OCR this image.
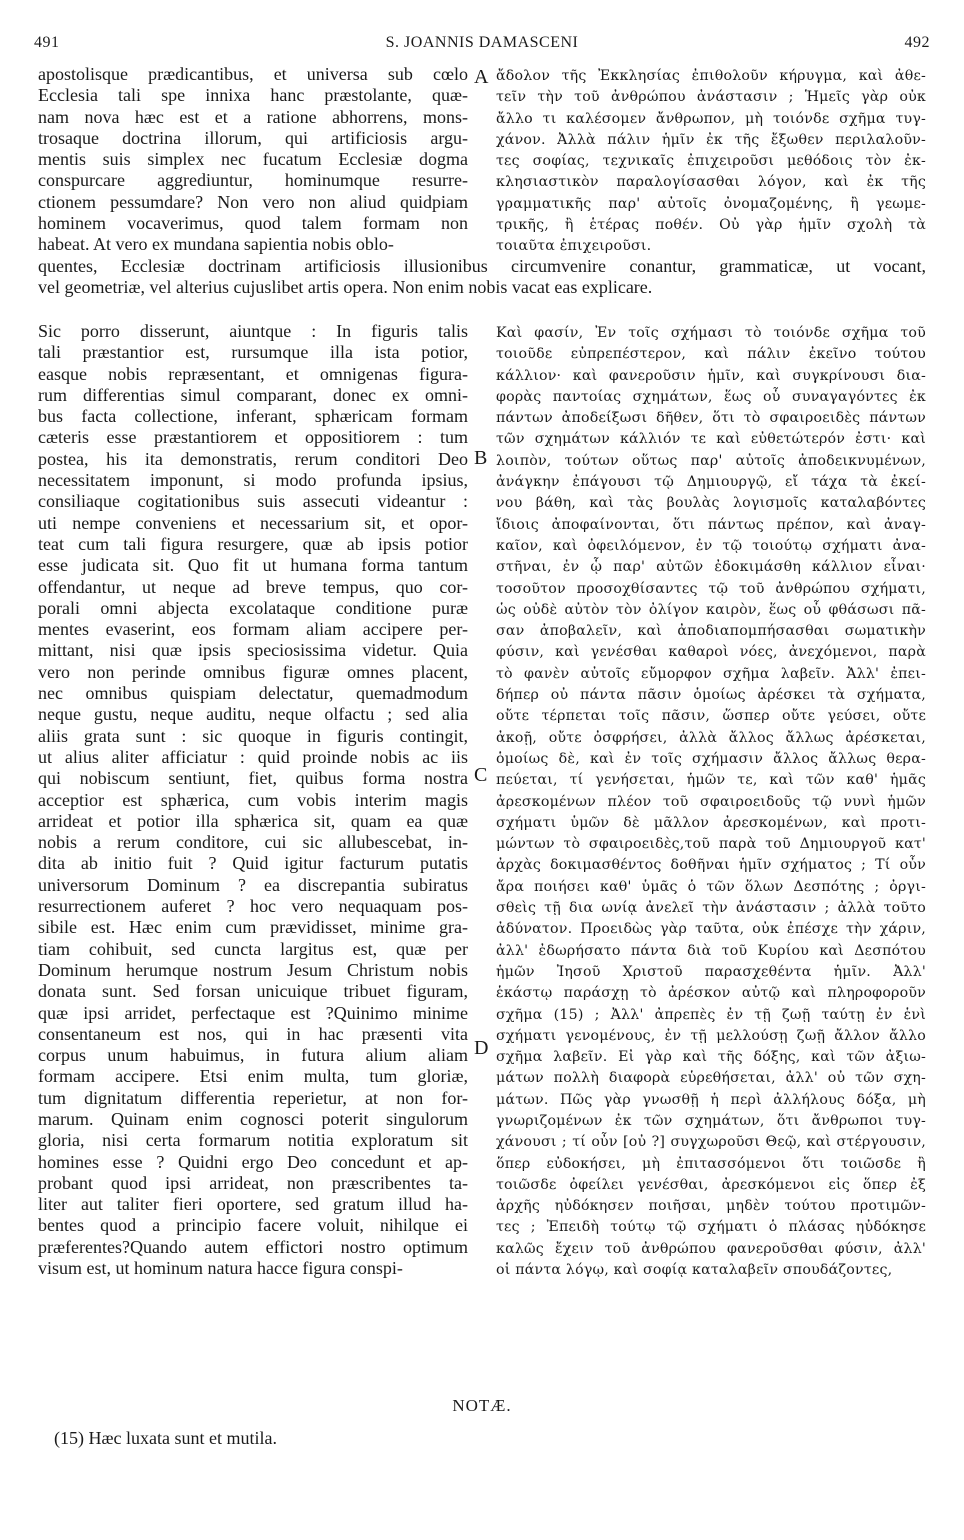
491	S. JOANNIS DAMASCENI	492

apostolisque prædicantibus, et universa sub cœlo

Ecclesia tali spe innixa hanc præstolante, quæ-

nam nova hæc est et a ratione abhorrens, mons-

trosaque doctrina illorum, qui artificiosis argu-

mentis suis simplex nec fucatum Ecclesiæ dogma

conspurcare aggrediuntur, hominumque resurre-

ctionem pessumdare? Non vero non aliud quidpiam

hominem vocaverimus, quod talem formam non

habeat. At vero ex mundana sapientia nobis oblo-

ἄδολον τῆς Ἐκκλησίας ἐπιθολοῦν κήρυγμα, καὶ ἀθε-

τεῖν τὴν τοῦ ἀνθρώπου ἀνάστασιν ; Ἡμεῖς γὰρ οὐκ

ἄλλο τι καλέσομεν ἄνθρωπον, μὴ τοιόνδε σχῆμα τυγ-

χάνον. Ἀλλὰ πάλιν ἡμῖν ἐκ τῆς ἔξωθεν περιλαλοῦν-

τες σοφίας, τεχνικαῖς ἐπιχειροῦσι μεθόδοις τὸν ἐκ-

κλησιαστικὸν παραλογίσασθαι λόγον, καὶ ἐκ τῆς

γραμματικῆς παρ' αὐτοῖς ὀνομαζομένης, ἢ γεωμε-

τρικῆς, ἢ ἑτέρας ποθέν. Οὐ γὰρ ἡμῖν σχολὴ τὰ

τοιαῦτα ἐπιχειροῦσι.

quentes, Ecclesiæ doctrinam artificiosis illusionibus circumvenire conantur, grammaticæ, ut vocant,

vel geometriæ, vel alterius cujuslibet artis opera. Non enim nobis vacat eas explicare.

Sic porro disserunt, aiuntque : In figuris talis

tali præstantior est, rursumque illa ista potior,

easque nobis repræsentant, et omnigenas figura-

rum differentias simul comparant, donec ex omni-

bus facta collectione, inferant, sphæricam formam

cæteris esse præstantiorem et oppositiorem : tum

postea, his ita demonstratis, rerum conditori Deo

necessitatem imponunt, si modo profunda ipsius,

consiliaque cogitationibus suis assecuti videantur :

uti nempe conveniens et necessarium sit, et opor-

teat cum tali figura resurgere, quæ ab ipsis potior

esse judicata sit. Quo fit ut humana forma tantum

offendantur, ut neque ad breve tempus, quo cor-

porali omni abjecta excolataque conditione puræ

mentes evaserint, eos formam aliam accipere per-

mittant, nisi quæ ipsis speciosissima videtur. Quia

vero non perinde omnibus figuræ omnes placent,

nec omnibus quispiam delectatur, quemadmodum

neque gustu, neque auditu, neque olfactu ; sed alia

aliis grata sunt : sic quoque in figuris contingit,

ut alius aliter afficiatur : quid proinde nobis ac iis

qui nobiscum sentiunt, fiet, quibus forma nostra

acceptior est sphærica, cum vobis interim magis

arrideat et potior illa sphærica sit, quam ea quæ

nobis a rerum conditore, cui sic allubescebat, in-

dita ab initio fuit ? Quid igitur facturum putatis

universorum Dominum ? ea discrepantia subiratus

resurrectionem auferet ? hoc vero nequaquam pos-

sibile est. Hæc enim cum prævidisset, minime gra-

tiam cohibuit, sed cuncta largitus est, quæ per

Dominum herumque nostrum Jesum Christum nobis

donata sunt. Sed forsan unicuique tribuet figuram,

quæ ipsi arridet, perfectaque est ?Quinimo minime

consentaneum est nos, qui in hac præsenti vita

corpus unum habuimus, in futura alium aliam

formam accipere. Etsi enim multa, tum gloriæ,

tum dignitatum differentia reperietur, at non for-

marum. Quinam enim cognosci poterit singulorum

gloria, nisi certa formarum notitia exploratum sit

homines esse ? Quidni ergo Deo concedunt et ap-

probant quod ipsi arrideat, non præscribentes ta-

liter aut taliter fieri oportere, sed gratum illud ha-

bentes quod a principio facere voluit, nihilque ei

præferentes?Quando autem effictori nostro optimum

visum est, ut hominum natura hacce figura conspi-

Καὶ φασίν, Ἐν τοῖς σχήμασι τὸ τοιόνδε σχῆμα τοῦ

τοιοῦδε εὐπρεπέστερον, καὶ πάλιν ἐκεῖνο τούτου

κάλλιον· καὶ φανεροῦσιν ἡμῖν, καὶ συγκρίνουσι δια-

φορὰς παντοίας σχημάτων, ἕως οὗ συναγαγόντες ἐκ

πάντων ἀποδείξωσι δῆθεν, ὅτι τὸ σφαιροειδὲς πάντων

τῶν σχημάτων κάλλιόν τε καὶ εὐθετώτερόν ἐστι· καὶ

λοιπὸν, τούτων οὕτως παρ' αὐτοῖς ἀποδεικνυμένων,

ἀνάγκην ἐπάγουσι τῷ Δημιουργῷ, εἴ τάχα τὰ ἐκεί-

νου βάθη, καὶ τὰς βουλὰς λογισμοῖς καταλαβόντες

ἴδιοις ἀποφαίνονται, ὅτι πάντως πρέπον, καὶ ἀναγ-

καῖον, καὶ ὀφειλόμενον, ἐν τῷ τοιούτῳ σχήματι ἀνα-

στῆναι, ἐν ᾧ παρ' αὐτῶν ἐδοκιμάσθη κάλλιον εἶναι·

τοσοῦτον προσοχθίσαντες τῷ τοῦ ἀνθρώπου σχήματι,

ὡς οὐδὲ αὐτὸν τὸν ὀλίγον καιρὸν, ἕως οὗ φθάσωσι πᾶ-

σαν ἀποβαλεῖν, καὶ ἀποδιαπομπήσασθαι σωματικὴν

φύσιν, καὶ γενέσθαι καθαροὶ νόες, ἀνεχόμενοι, παρὰ

τὸ φανὲν αὐτοῖς εὔμορφον σχῆμα λαβεῖν. Ἀλλ' ἐπει-

δήπερ οὐ πάντα πᾶσιν ὁμοίως ἀρέσκει τὰ σχήματα,

οὔτε τέρπεται τοῖς πᾶσιν, ὥσπερ οὔτε γεύσει, οὔτε

ἀκοῇ, οὔτε ὀσφρήσει, ἀλλὰ ἄλλος ἄλλως ἀρέσκεται,

ὁμοίως δὲ, καὶ ἐν τοῖς σχήμασιν ἄλλος ἄλλως θερα-

πεύεται, τί γενήσεται, ἡμῶν τε, καὶ τῶν καθ' ἡμᾶς

ἀρεσκομένων πλέον τοῦ σφαιροειδοῦς τῷ νυνὶ ἡμῶν

σχήματι ὑμῶν δὲ μᾶλλον ἀρεσκομένων, καὶ προτι-

μώντων τὸ σφαιροειδὲς,τοῦ παρὰ τοῦ Δημιουργοῦ κατ'

ἀρχὰς δοκιμασθέντος δοθῆναι ἡμῖν σχήματος ; Τί οὖν

ἄρα ποιήσει καθ' ὑμᾶς ὁ τῶν ὅλων Δεσπότης ; ὀργι-

σθεὶς τῇ δια ωνίᾳ ἀνελεῖ τὴν ἀνάστασιν ; ἀλλὰ τοῦτο

ἀδύνατον. Προειδὼς γὰρ ταῦτα, οὐκ ἐπέσχε τὴν χάριν,

ἀλλ' ἐδωρήσατο πάντα διὰ τοῦ Κυρίου καὶ Δεσπότου

ἡμῶν Ἰησοῦ Χριστοῦ παρασχεθέντα ἡμῖν. Ἀλλ'

ἑκάστῳ παράσχῃ τὸ ἀρέσκον αὐτῷ καὶ πληροφοροῦν

σχῆμα (15) ; Ἀλλ' ἀπρεπὲς ἐν τῇ ζωῇ ταύτῃ ἐν ἑνὶ

σχήματι γενομένους, ἐν τῇ μελλούσῃ ζωῇ ἄλλον ἄλλο

σχῆμα λαβεῖν. Εἰ γὰρ καὶ τῆς δόξης, καὶ τῶν ἀξιω-

μάτων πολλὴ διαφορὰ εὑρεθήσεται, ἀλλ' οὐ τῶν σχη-

μάτων. Πῶς γὰρ γνωσθῇ ἡ περὶ ἀλλήλους δόξα, μὴ

γνωριζομένων ἐκ τῶν σχημάτων, ὅτι ἄνθρωποι τυγ-

χάνουσι ; τί οὖν [οὐ ?] συγχωροῦσι Θεῷ, καὶ στέργουσιν,

ὅπερ εὐδοκήσει, μὴ ἐπιτασσόμενοι ὅτι τοιῶσδε ἢ

τοιῶσδε ὀφείλει γενέσθαι, ἀρεσκόμενοι εἰς ὅπερ ἐξ

ἀρχῆς ηὐδόκησεν ποιῆσαι, μηδὲν τούτου προτιμῶν-

τες ; Ἐπειδὴ τούτῳ τῷ σχήματι ὁ πλάσας ηὐδόκησε

καλῶς ἔχειν τοῦ ἀνθρώπου φανεροῦσθαι φύσιν, ἀλλ'

οἱ πάντα λόγῳ, καὶ σοφίᾳ καταλαβεῖν σπουδάζοντες,

A
B
C
D
NOTÆ.
(15) Hæc luxata sunt et mutila.
